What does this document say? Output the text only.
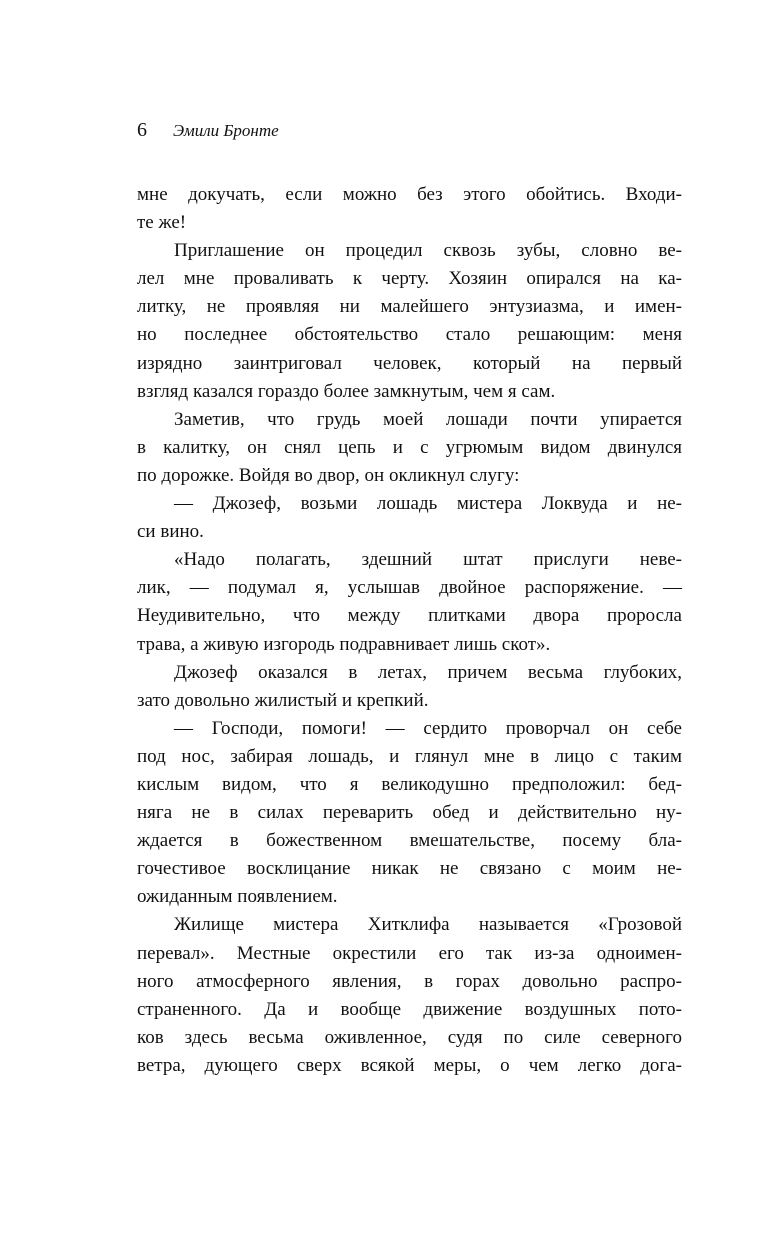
6 Эмили Бронте

мне докучать, если можно без этого обойтись. Входи-
те же!

Приглашение он процедил сквозь зубы, словно ве-
лел мне проваливать к черту. Хозяин опирался на ка-
литку, не проявляя ни малейшего энтузиазма, и имен-
но последнее обстоятельство стало решающим: меня
изрядно заинтриговал человек, который на первый
взгляд казался гораздо более замкнутым, чем я сам.

Заметив, что грудь моей лошади почти упирается
в калитку, он снял цепь и с угрюмым видом двинулся
по дорожке. Войдя во двор, он окликнул слугу:

— Джозеф, возьми лошадь мистера Локвуда и не-
си вино.

«Надо полагать, здешний штат прислуги неве-
лик, — подумал я, услышав двойное распоряжение. —
Неудивительно, что между плитками двора проросла
трава, а живую изгородь подравнивает лишь скот».

Джозеф оказался в летах, причем весьма глубоких,
зато довольно жилистый и крепкий.

— Господи, помоги! — сердито проворчал он себе
под нос, забирая лошадь, и глянул мне в лицо с таким
кислым видом, что я великодушно предположил: бед-
няга не в силах переварить обед и действительно ну-
ждается в божественном вмешательстве, посему бла-
гочестивое восклицание никак не связано с моим не-
ожиданным появлением.

Жилище мистера Хитклифа называется «Грозовой
перевал». Местные окрестили его так из-за одноимен-
ного атмосферного явления, в горах довольно распро-
страненного. Да и вообще движение воздушных пото-
ков здесь весьма оживленное, судя по силе северного
ветра, дующего сверх всякой меры, о чем легко дога-
